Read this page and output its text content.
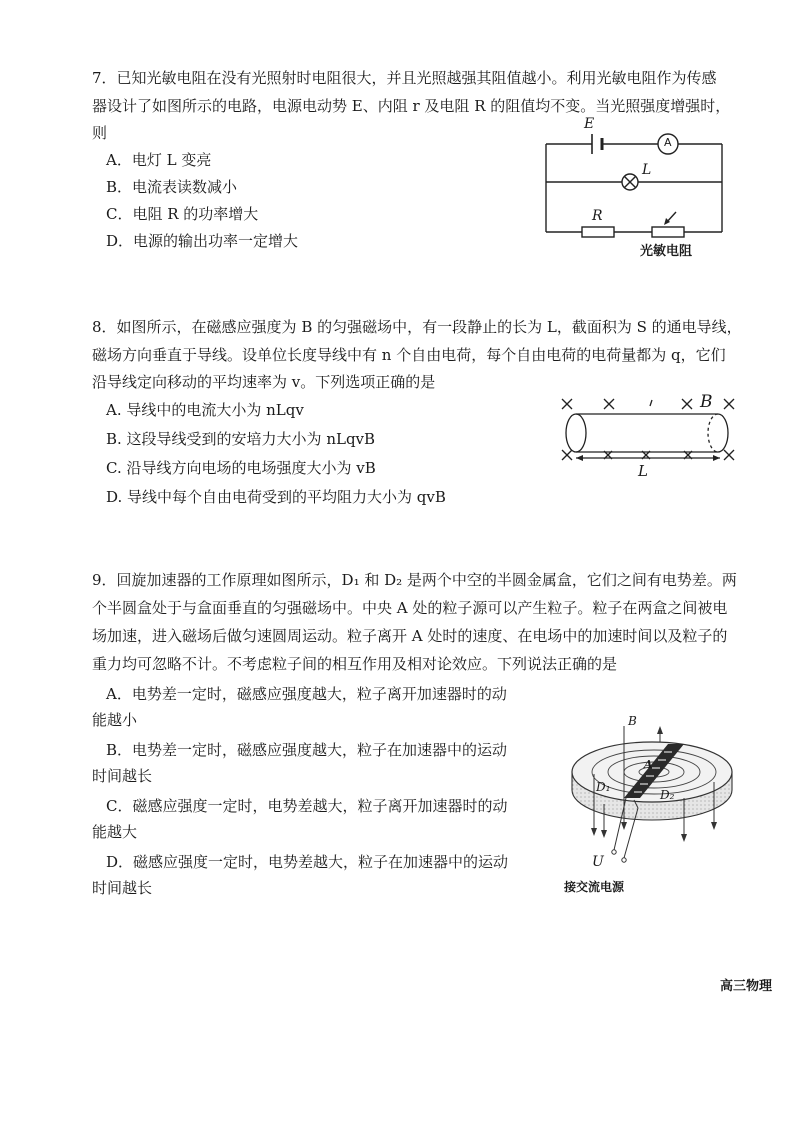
7．已知光敏电阻在没有光照射时电阻很大，并且光照越强其阻值越小。利用光敏电阻作为传感
器设计了如图所示的电路，电源电动势 E、内阻 r 及电阻 R 的阻值均不变。当光照强度增强时，
则
A．电灯 L 变亮
B．电流表读数减小
C．电阻 R 的功率增大
D．电源的输出功率一定增大
E
A
L
R
光敏电阻
8．如图所示，在磁感应强度为 B 的匀强磁场中，有一段静止的长为 L，截面积为 S 的通电导线，
磁场方向垂直于导线。设单位长度导线中有 n 个自由电荷，每个自由电荷的电荷量都为 q，它们
沿导线定向移动的平均速率为 v。下列选项正确的是
A. 导线中的电流大小为 nLqv
B. 这段导线受到的安培力大小为 nLqvB
C. 沿导线方向电场的电场强度大小为 vB
D. 导线中每个自由电荷受到的平均阻力大小为 qvB
B
L
9．回旋加速器的工作原理如图所示，D₁ 和 D₂ 是两个中空的半圆金属盒，它们之间有电势差。两
个半圆盒处于与盒面垂直的匀强磁场中。中央 A 处的粒子源可以产生粒子。粒子在两盒之间被电
场加速，进入磁场后做匀速圆周运动。粒子离开 A 处时的速度、在电场中的加速时间以及粒子的
重力均可忽略不计。不考虑粒子间的相互作用及相对论效应。下列说法正确的是
A．电势差一定时，磁感应强度越大，粒子离开加速器时的动
能越小
B．电势差一定时，磁感应强度越大，粒子在加速器中的运动
时间越长
C．磁感应强度一定时，电势差越大，粒子离开加速器时的动
能越大
D．磁感应强度一定时，电势差越大，粒子在加速器中的运动
时间越长
B
A
D₁
D₂
U
接交流电源
高三物理
